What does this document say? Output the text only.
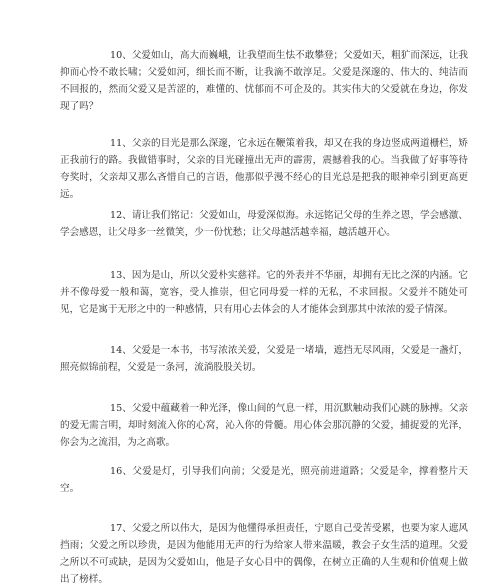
10、父爱如山，高大而巍峨，让我望而生怯不敢攀登；父爱如天，粗犷而深远，让我抑而心怜不敢长啸；父爱如河，细长而不断，让我滴不敢淳足。父爱是深邃的、伟大的、纯洁而不回报的，然而父爱又是苦涩的，难懂的、忧郁而不可企及的。其实伟大的父爱就在身边，你发现了吗？

11、父亲的目光是那么深邃，它永远在鞭策着我，却又在我的身边竖成两道栅栏，矫正我前行的路。我做错事时，父亲的目光碰撞出无声的霹雳，震撼着我的心。当我做了好事等待夸奖时，父亲却又那么吝惜自己的言语，他那似乎漫不经心的目光总是把我的眼神牵引到更高更远。

12、请让我们铭记：父爱如山，母爱深似海。永远铭记父母的生养之恩，学会感激、学会感恩，让父母多一丝微笑，少一份忧愁；让父母越活越幸福，越活越开心。

13、因为是山，所以父爱朴实慈祥。它的外表并不华丽，却拥有无比之深的内涵。它并不像母爱一般和蔼，宽容，受人推崇，但它同母爱一样的无私，不求回报。父爱并不随处可见，它是寓于无形之中的一种感情，只有用心去体会的人才能体会到那其中浓浓的爱子情深。

14、父爱是一本书，书写浓浓关爱，父爱是一堵墙，遮挡无尽风雨，父爱是一盏灯，照亮似锦前程，父爱是一条河，流淌股股关切。

15、父爱中蕴藏着一种光泽，像山间的气息一样，用沉默触动我们心跳的脉搏。父亲的爱无需言明，却时刻流入你的心窝，沁入你的骨髓。用心体会那沉静的父爱，捕捉爱的光泽，你会为之流泪，为之高歌。

16、父爱是灯，引导我们向前；父爱是光，照亮前进道路；父爱是伞，撑着整片天空。

17、父爱之所以伟大，是因为他懂得承担责任，宁愿自己受苦受累，也要为家人遮风挡雨；父爱之所以珍贵，是因为他能用无声的行为给家人带来温暖，教会子女生活的道理。父爱之所以不可或缺，是因为父爱如山，他是子女心目中的偶像，在树立正确的人生观和价值观上做出了榜样。
